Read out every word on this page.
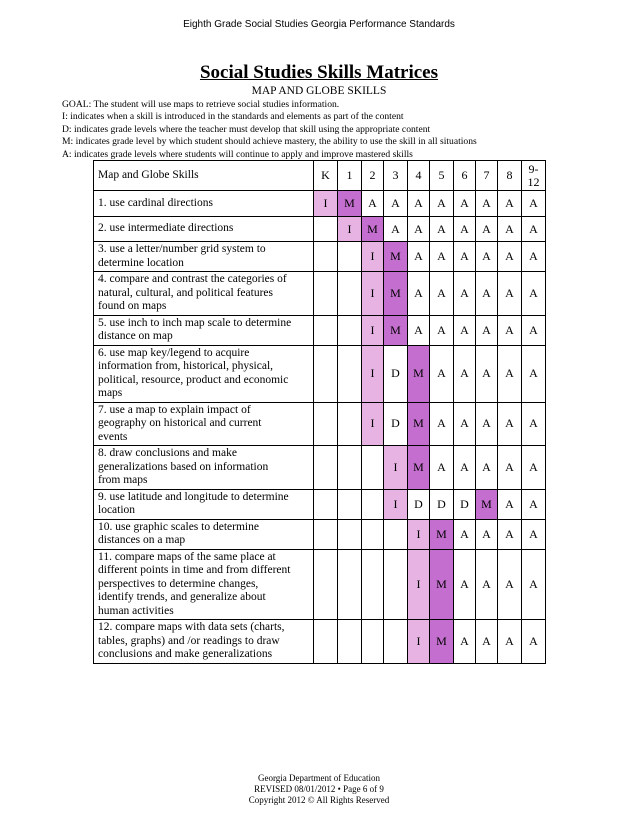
Eighth Grade Social Studies Georgia Performance Standards
Social Studies Skills Matrices
MAP AND GLOBE SKILLS
GOAL: The student will use maps to retrieve social studies information.
I: indicates when a skill is introduced in the standards and elements as part of the content
D: indicates grade levels where the teacher must develop that skill using the appropriate content
M: indicates grade level by which student should achieve mastery, the ability to use the skill in all situations
A: indicates grade levels where students will continue to apply and improve mastered skills
Map and Globe Skills	K	1	2	3	4	5	6	7	8	9-
12

1. use cardinal directions	I	M	A	A	A	A	A	A	A	A

2. use intermediate directions		I	M	A	A	A	A	A	A	A

3. use a letter/number grid system to
determine location			I	M	A	A	A	A	A	A

4. compare and contrast the categories of
natural, cultural, and political features
found on maps			I	M	A	A	A	A	A	A

5. use inch to inch map scale to determine
distance on map			I	M	A	A	A	A	A	A

6. use map key/legend to acquire
information from, historical, physical,
political, resource, product and economic
maps			I	D	M	A	A	A	A	A

7. use a map to explain impact of
geography on historical and current
events			I	D	M	A	A	A	A	A

8. draw conclusions and make
generalizations based on information
from maps				I	M	A	A	A	A	A

9. use latitude and longitude to determine
location				I	D	D	D	M	A	A

10. use graphic scales to determine
distances on a map					I	M	A	A	A	A

11. compare maps of the same place at
different points in time and from different
perspectives to determine changes,
identify trends, and generalize about
human activities					I	M	A	A	A	A

12. compare maps with data sets (charts,
tables, graphs) and /or readings to draw
conclusions and make generalizations					I	M	A	A	A	A
Georgia Department of Education
REVISED 08/01/2012 • Page 6 of 9
Copyright 2012 © All Rights Reserved
